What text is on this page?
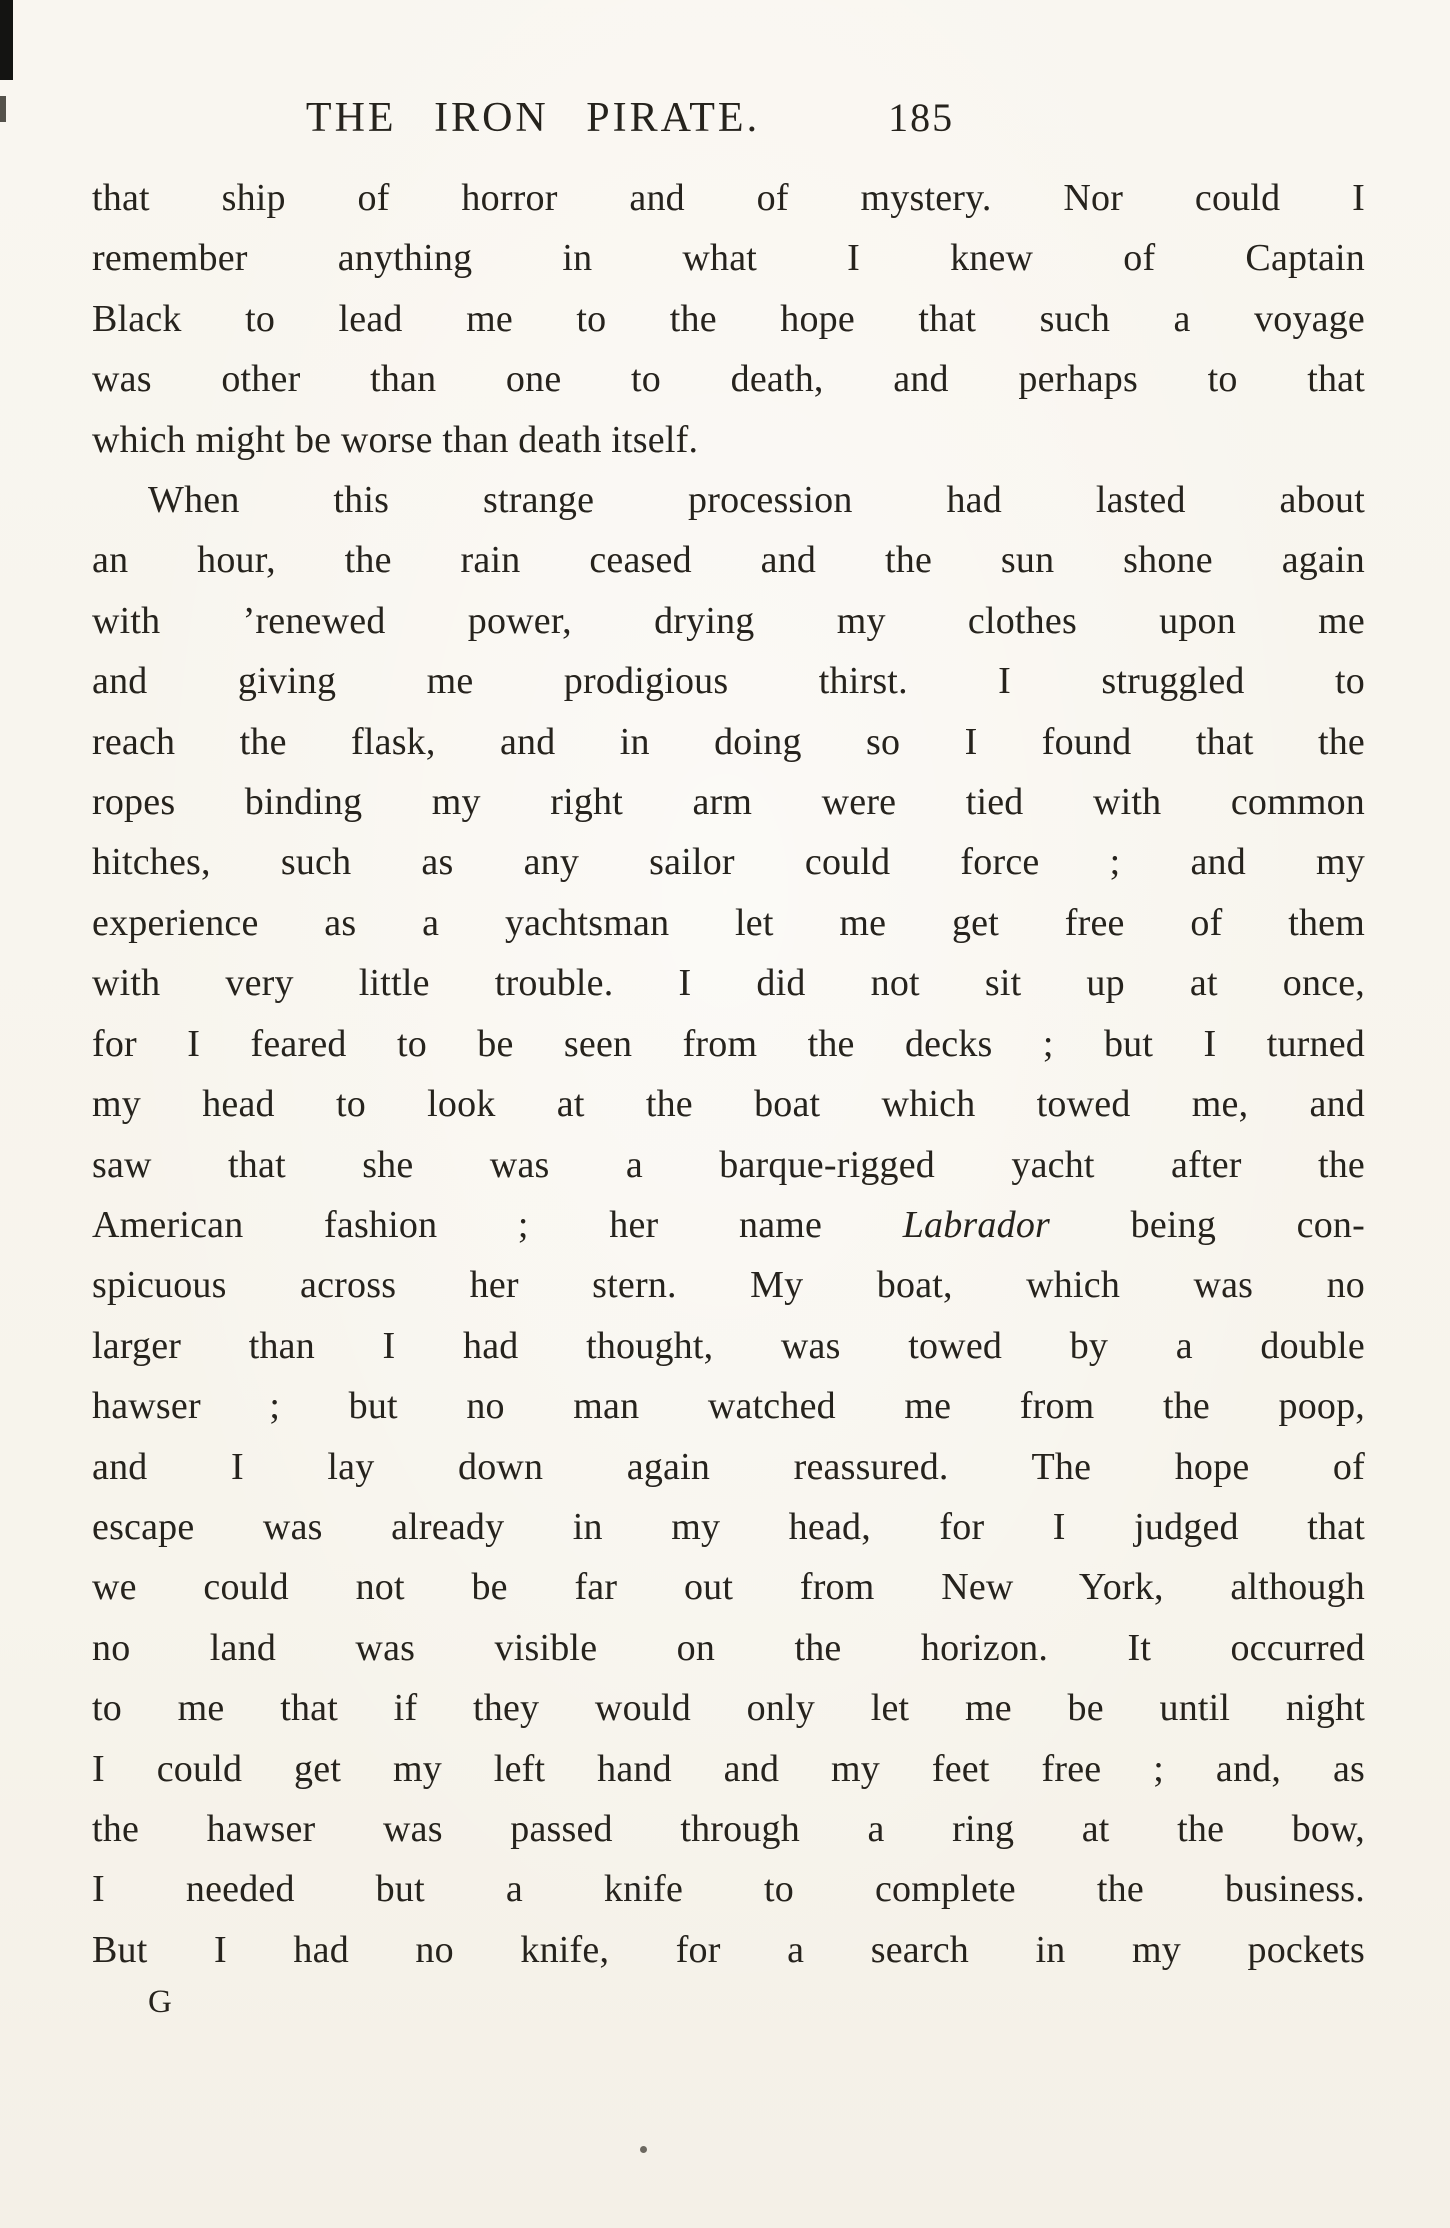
THE IRON PIRATE.	185
that ship of horror and of mystery. Nor could I
remember anything in what I knew of Captain
Black to lead me to the hope that such a voyage
was other than one to death, and perhaps to that
which might be worse than death itself.
When this strange procession had lasted about
an hour, the rain ceased and the sun shone again
with ’renewed power, drying my clothes upon me
and giving me prodigious thirst. I struggled to
reach the flask, and in doing so I found that the
ropes binding my right arm were tied with common
hitches, such as any sailor could force ; and my
experience as a yachtsman let me get free of them
with very little trouble. I did not sit up at once,
for I feared to be seen from the decks ; but I turned
my head to look at the boat which towed me, and
saw that she was a barque-rigged yacht after the
American fashion ; her name Labrador being con-
spicuous across her stern. My boat, which was no
larger than I had thought, was towed by a double
hawser ; but no man watched me from the poop,
and I lay down again reassured. The hope of
escape was already in my head, for I judged that
we could not be far out from New York, although
no land was visible on the horizon. It occurred
to me that if they would only let me be until night
I could get my left hand and my feet free ; and, as
the hawser was passed through a ring at the bow,
I needed but a knife to complete the business.
But I had no knife, for a search in my pockets
G
